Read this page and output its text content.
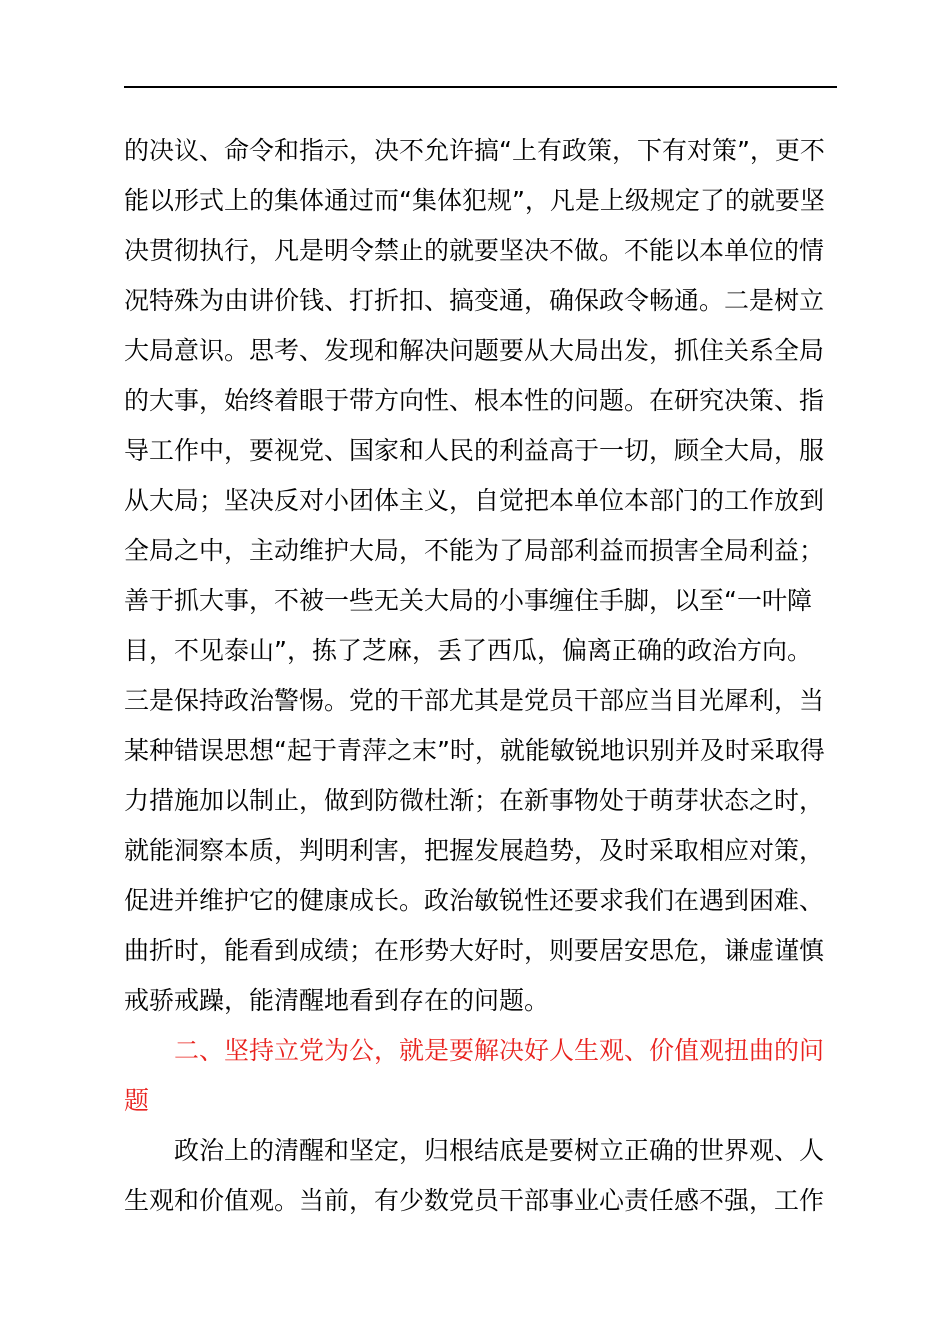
的决议、命令和指示，决不允许搞“上有政策，下有对策”，更不
能以形式上的集体通过而“集体犯规”，凡是上级规定了的就要坚
决贯彻执行，凡是明令禁止的就要坚决不做。不能以本单位的情
况特殊为由讲价钱、打折扣、搞变通，确保政令畅通。二是树立
大局意识。思考、发现和解决问题要从大局出发，抓住关系全局
的大事，始终着眼于带方向性、根本性的问题。在研究决策、指
导工作中，要视党、国家和人民的利益高于一切，顾全大局，服
从大局；坚决反对小团体主义，自觉把本单位本部门的工作放到
全局之中，主动维护大局，不能为了局部利益而损害全局利益；
善于抓大事，不被一些无关大局的小事缠住手脚，以至“一叶障
目，不见泰山”，拣了芝麻，丢了西瓜，偏离正确的政治方向。
三是保持政治警惕。党的干部尤其是党员干部应当目光犀利，当
某种错误思想“起于青萍之末”时，就能敏锐地识别并及时采取得
力措施加以制止，做到防微杜渐；在新事物处于萌芽状态之时，
就能洞察本质，判明利害，把握发展趋势，及时采取相应对策，
促进并维护它的健康成长。政治敏锐性还要求我们在遇到困难、
曲折时，能看到成绩；在形势大好时，则要居安思危，谦虚谨慎
戒骄戒躁，能清醒地看到存在的问题。
二、坚持立党为公，就是要解决好人生观、价值观扭曲的问
题
政治上的清醒和坚定，归根结底是要树立正确的世界观、人
生观和价值观。当前，有少数党员干部事业心责任感不强，工作
